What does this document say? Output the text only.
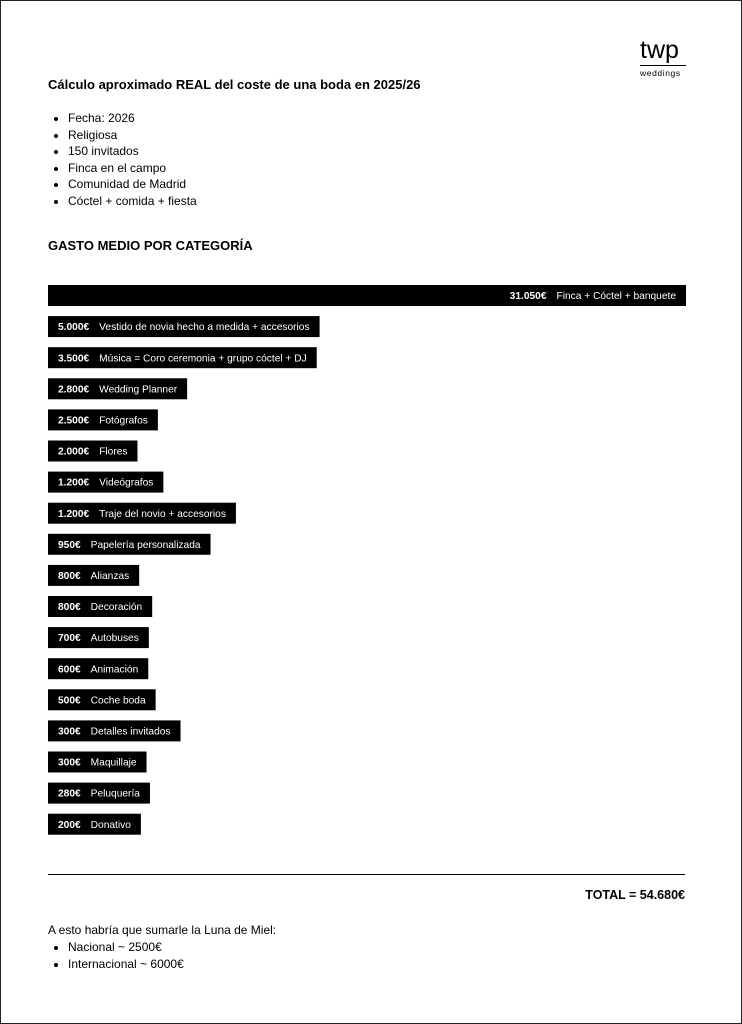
twp
weddings
Cálculo aproximado REAL del coste de una boda en 2025/26
• Fecha: 2026
• Religiosa
• 150 invitados
• Finca en el campo
• Comunidad de Madrid
• Cóctel + comida + fiesta
GASTO MEDIO POR CATEGORÍA
31.050€ Finca + Cóctel + banquete
5.000€ Vestido de novia hecho a medida + accesorios
3.500€ Música = Coro ceremonia + grupo cóctel + DJ
2.800€ Wedding Planner
2.500€ Fotógrafos
2.000€ Flores
1.200€ Videógrafos
1.200€ Traje del novio + accesorios
950€ Papelería personalizada
800€ Alianzas
800€ Decoración
700€ Autobuses
600€ Animación
500€ Coche boda
300€ Detalles invitados
300€ Maquillaje
280€ Peluquería
200€ Donativo
TOTAL = 54.680€
A esto habría que sumarle la Luna de Miel:
• Nacional ~ 2500€
• Internacional ~ 6000€
